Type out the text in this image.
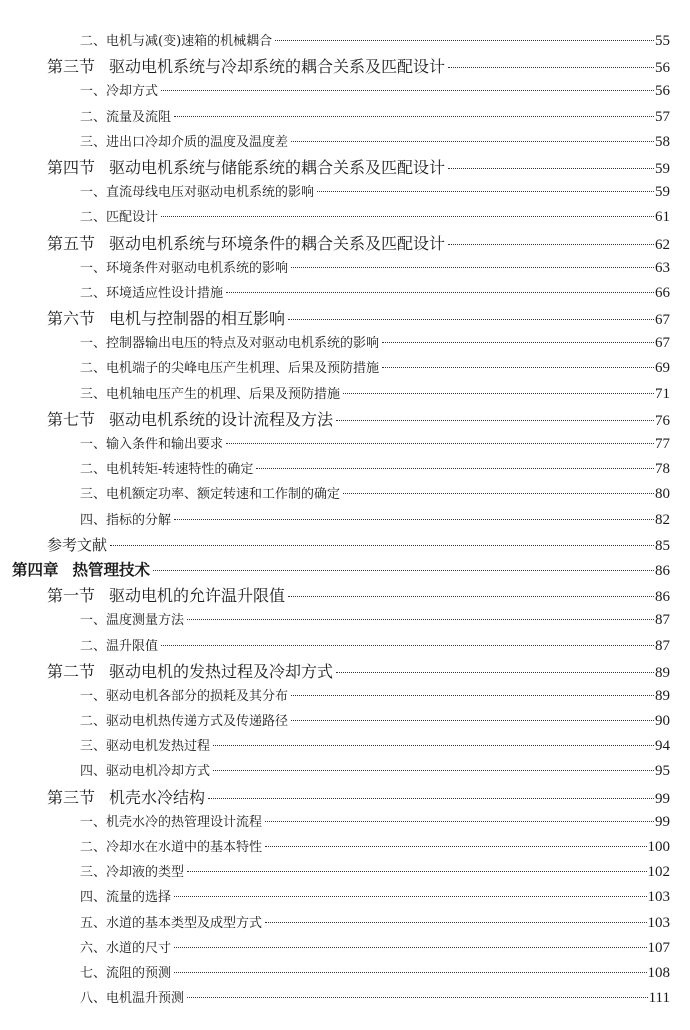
二、电机与减(变)速箱的机械耦合	55
第三节 驱动电机系统与冷却系统的耦合关系及匹配设计	56
一、冷却方式	56
二、流量及流阻	57
三、进出口冷却介质的温度及温度差	58
第四节 驱动电机系统与储能系统的耦合关系及匹配设计	59
一、直流母线电压对驱动电机系统的影响	59
二、匹配设计	61
第五节 驱动电机系统与环境条件的耦合关系及匹配设计	62
一、环境条件对驱动电机系统的影响	63
二、环境适应性设计措施	66
第六节 电机与控制器的相互影响	67
一、控制器输出电压的特点及对驱动电机系统的影响	67
二、电机端子的尖峰电压产生机理、后果及预防措施	69
三、电机轴电压产生的机理、后果及预防措施	71
第七节 驱动电机系统的设计流程及方法	76
一、输入条件和输出要求	77
二、电机转矩-转速特性的确定	78
三、电机额定功率、额定转速和工作制的确定	80
四、指标的分解	82
参考文献	85
第四章 热管理技术	86
第一节 驱动电机的允许温升限值	86
一、温度测量方法	87
二、温升限值	87
第二节 驱动电机的发热过程及冷却方式	89
一、驱动电机各部分的损耗及其分布	89
二、驱动电机热传递方式及传递路径	90
三、驱动电机发热过程	94
四、驱动电机冷却方式	95
第三节 机壳水冷结构	99
一、机壳水冷的热管理设计流程	99
二、冷却水在水道中的基本特性	100
三、冷却液的类型	102
四、流量的选择	103
五、水道的基本类型及成型方式	103
六、水道的尺寸	107
七、流阻的预测	108
八、电机温升预测	111
